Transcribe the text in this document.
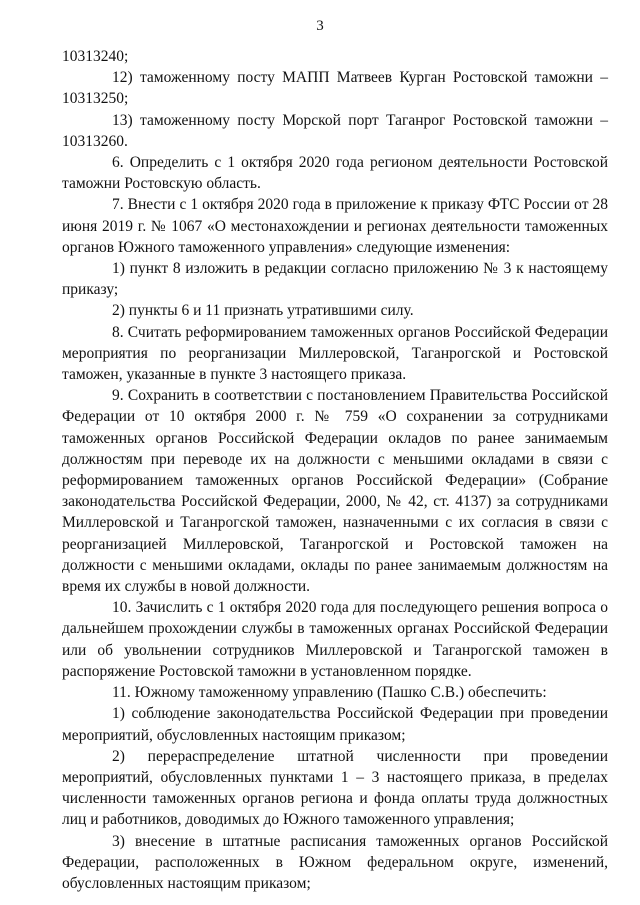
3

10313240;

12) таможенному посту МАПП Матвеев Курган Ростовской таможни – 10313250;

13) таможенному посту Морской порт Таганрог Ростовской таможни – 10313260.

6. Определить с 1 октября 2020 года регионом деятельности Ростовской таможни Ростовскую область.

7. Внести с 1 октября 2020 года в приложение к приказу ФТС России от 28 июня 2019 г. № 1067 «О местонахождении и регионах деятельности таможенных органов Южного таможенного управления» следующие изменения:

1) пункт 8 изложить в редакции согласно приложению № 3 к настоящему приказу;

2) пункты 6 и 11 признать утратившими силу.

8. Считать реформированием таможенных органов Российской Федерации мероприятия по реорганизации Миллеровской, Таганрогской и Ростовской таможен, указанные в пункте 3 настоящего приказа.

9. Сохранить в соответствии с постановлением Правительства Российской Федерации от 10 октября 2000 г. № 759 «О сохранении за сотрудниками таможенных органов Российской Федерации окладов по ранее занимаемым должностям при переводе их на должности с меньшими окладами в связи с реформированием таможенных органов Российской Федерации» (Собрание законодательства Российской Федерации, 2000, № 42, ст. 4137) за сотрудниками Миллеровской и Таганрогской таможен, назначенными с их согласия в связи с реорганизацией Миллеровской, Таганрогской и Ростовской таможен на должности с меньшими окладами, оклады по ранее занимаемым должностям на время их службы в новой должности.

10. Зачислить с 1 октября 2020 года для последующего решения вопроса о дальнейшем прохождении службы в таможенных органах Российской Федерации или об увольнении сотрудников Миллеровской и Таганрогской таможен в распоряжение Ростовской таможни в установленном порядке.

11. Южному таможенному управлению (Пашко С.В.) обеспечить:

1) соблюдение законодательства Российской Федерации при проведении мероприятий, обусловленных настоящим приказом;

2) перераспределение штатной численности при проведении мероприятий, обусловленных пунктами 1 – 3 настоящего приказа, в пределах численности таможенных органов региона и фонда оплаты труда должностных лиц и работников, доводимых до Южного таможенного управления;

3) внесение в штатные расписания таможенных органов Российской Федерации, расположенных в Южном федеральном округе, изменений, обусловленных настоящим приказом;
